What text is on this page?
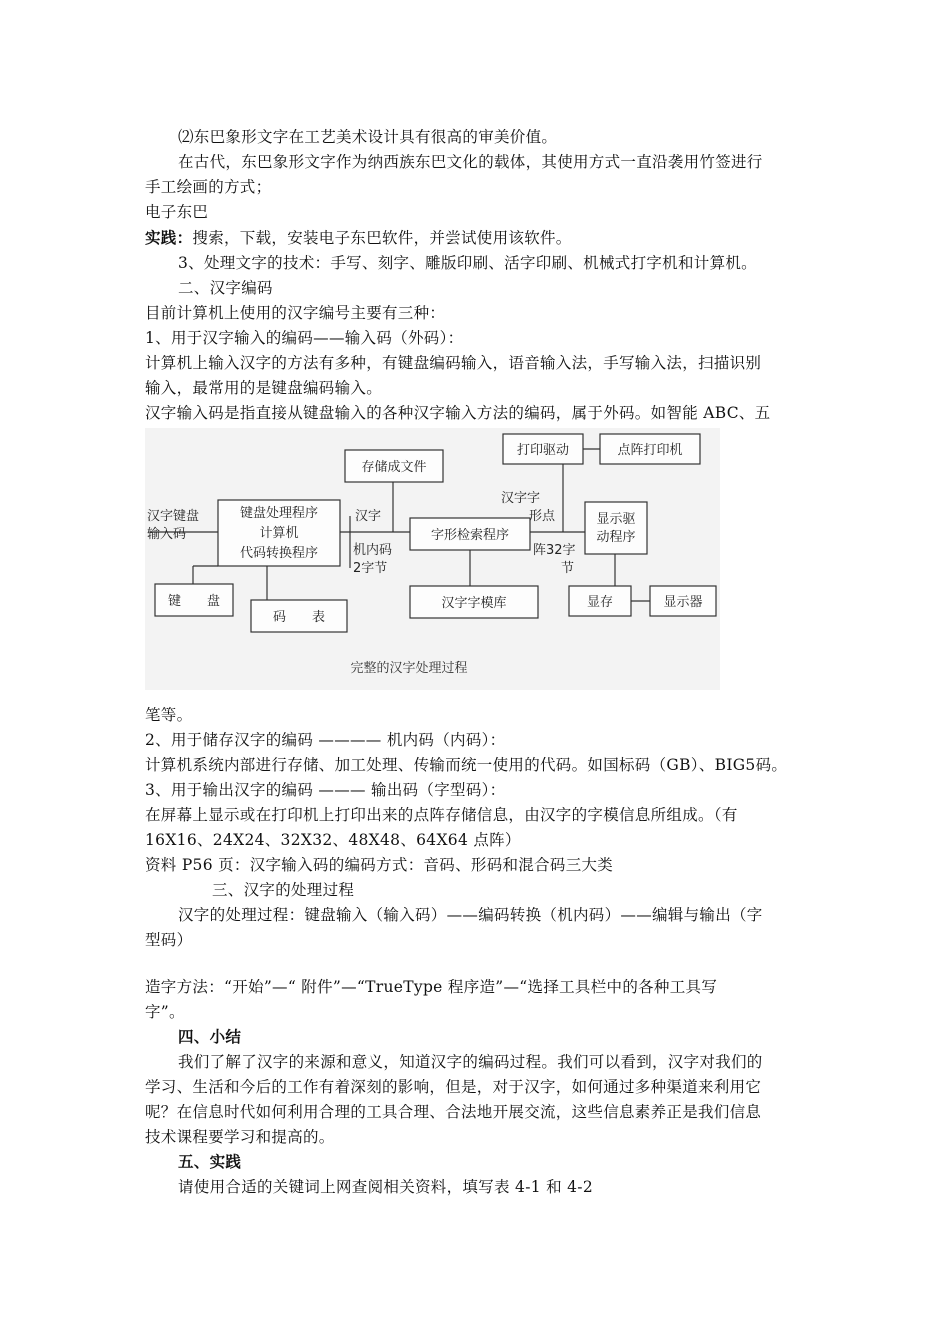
⑵东巴象形文字在工艺美术设计具有很高的审美价值。
在古代，东巴象形文字作为纳西族东巴文化的载体，其使用方式一直沿袭用竹签进行
手工绘画的方式；
电子东巴
实践：搜索，下载，安装电子东巴软件，并尝试使用该软件。
3、处理文字的技术：手写、刻字、雕版印刷、活字印刷、机械式打字机和计算机。
二、汉字编码
目前计算机上使用的汉字编号主要有三种：
1、用于汉字输入的编码——输入码（外码）：
计算机上输入汉字的方法有多种，有键盘编码输入，语音输入法，手写输入法，扫描识别
输入，最常用的是键盘编码输入。
汉字输入码是指直接从键盘输入的各种汉字输入方法的编码，属于外码。如智能 ABC、五
存储成文件
打印驱动	点阵打印机
键盘处理程序
计算机
代码转换程序
字形检索程序
显示驱
动程序
键　　盘
码　　表
汉字字模库	显存	显示器
汉字键盘
输入码
汉字
机内码
2字节
汉字字
形点
阵32字
节
完整的汉字处理过程
笔等。
2、用于储存汉字的编码 ———— 机内码（内码）：
计算机系统内部进行存储、加工处理、传输而统一使用的代码。如国标码（GB）、BIG5码。
3、用于输出汉字的编码 ——— 输出码（字型码）：
在屏幕上显示或在打印机上打印出来的点阵存储信息，由汉字的字模信息所组成。（有
16X16、24X24、32X32、48X48、64X64 点阵）
资料 P56 页：汉字输入码的编码方式：音码、形码和混合码三大类
三、汉字的处理过程
汉字的处理过程：键盘输入（输入码）——编码转换（机内码）——编辑与输出（字
型码）
造字方法：“开始”—“ 附件”—“TrueType 程序造”—“选择工具栏中的各种工具写
字”。
四、小结
我们了解了汉字的来源和意义，知道汉字的编码过程。我们可以看到，汉字对我们的
学习、生活和今后的工作有着深刻的影响，但是，对于汉字，如何通过多种渠道来利用它
呢？在信息时代如何利用合理的工具合理、合法地开展交流，这些信息素养正是我们信息
技术课程要学习和提高的。
五、实践
请使用合适的关键词上网查阅相关资料，填写表 4-1 和 4-2
